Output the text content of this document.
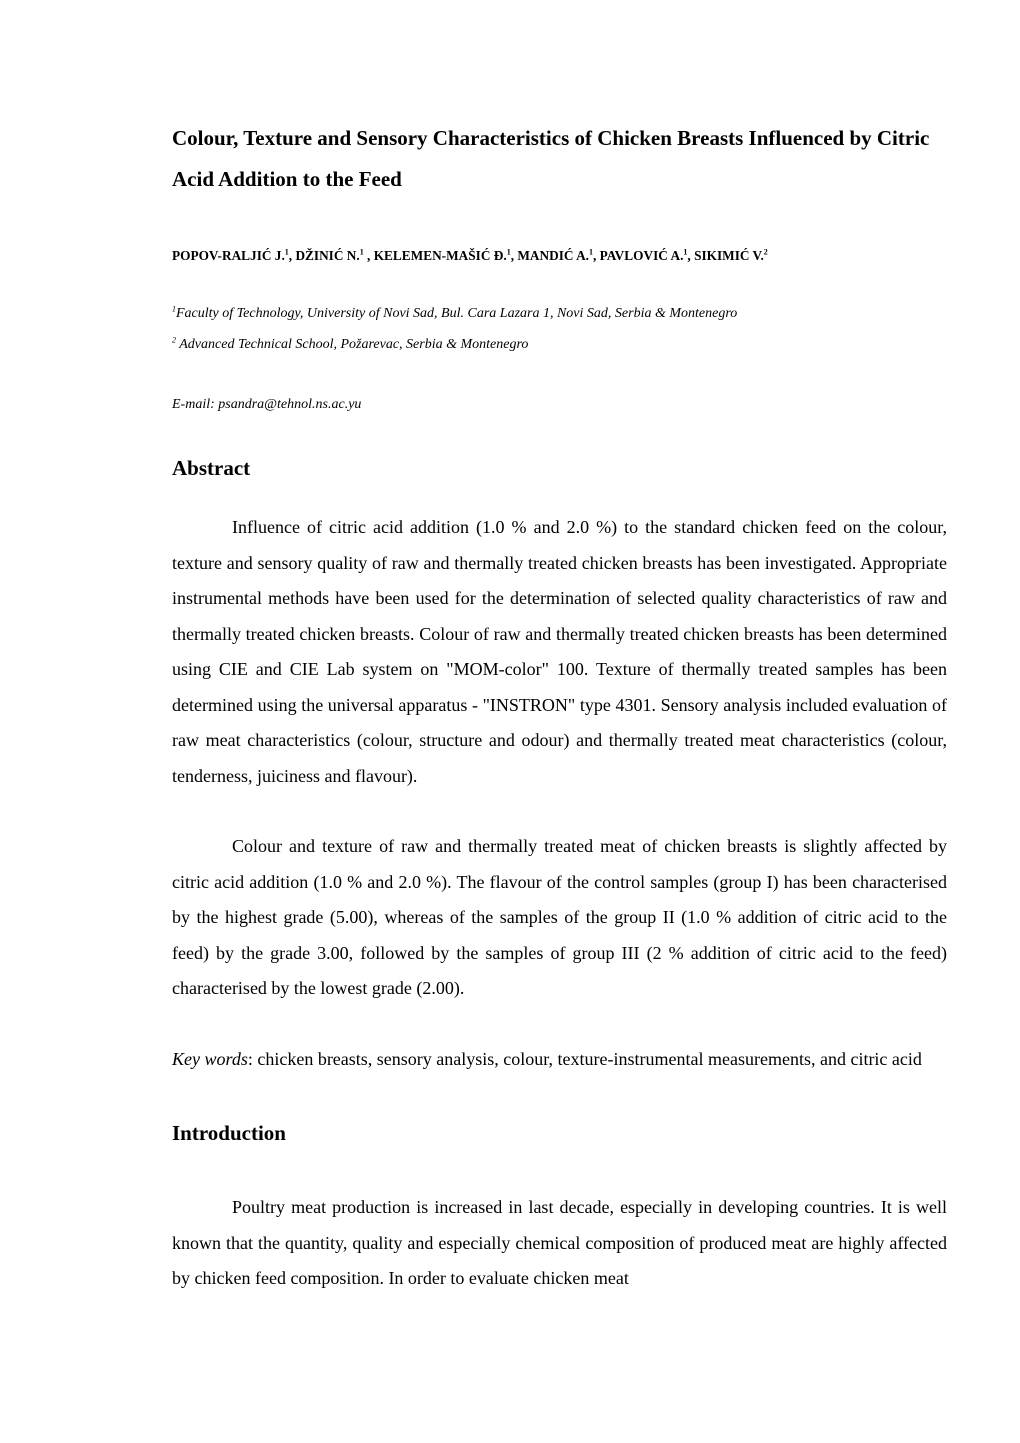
Colour, Texture and Sensory Characteristics of Chicken Breasts Influenced by Citric Acid Addition to the Feed

POPOV-RALJIĆ J.$^1$, DŽINIĆ N.$^1$ , KELEMEN-MAŠIĆ Đ.$^1$, MANDIĆ A.$^1$, PAVLOVIĆ A.$^1$, SIKIMIĆ V.$^2$

$^1$Faculty of Technology, University of Novi Sad, Bul. Cara Lazara 1, Novi Sad, Serbia & Montenegro

$^2$ Advanced Technical School, Požarevac, Serbia & Montenegro

E-mail: psandra@tehnol.ns.ac.yu

Abstract

Influence of citric acid addition (1.0 % and 2.0 %) to the standard chicken feed on the colour, texture and sensory quality of raw and thermally treated chicken breasts has been investigated. Appropriate instrumental methods have been used for the determination of selected quality characteristics of raw and thermally treated chicken breasts. Colour of raw and thermally treated chicken breasts has been determined using CIE and CIE Lab system on "MOM-color" 100. Texture of thermally treated samples has been determined using the universal apparatus - "INSTRON" type 4301. Sensory analysis included evaluation of raw meat characteristics (colour, structure and odour) and thermally treated meat characteristics (colour, tenderness, juiciness and flavour).

Colour and texture of raw and thermally treated meat of chicken breasts is slightly affected by citric acid addition (1.0 % and 2.0 %). The flavour of the control samples (group I) has been characterised by the highest grade (5.00), whereas of the samples of the group II (1.0 % addition of citric acid to the feed) by the grade 3.00, followed by the samples of group III (2 % addition of citric acid to the feed) characterised by the lowest grade (2.00).

Key words: chicken breasts, sensory analysis, colour, texture-instrumental measurements, and citric acid

Introduction

Poultry meat production is increased in last decade, especially in developing countries. It is well known that the quantity, quality and especially chemical composition of produced meat are highly affected by chicken feed composition. In order to evaluate chicken meat
